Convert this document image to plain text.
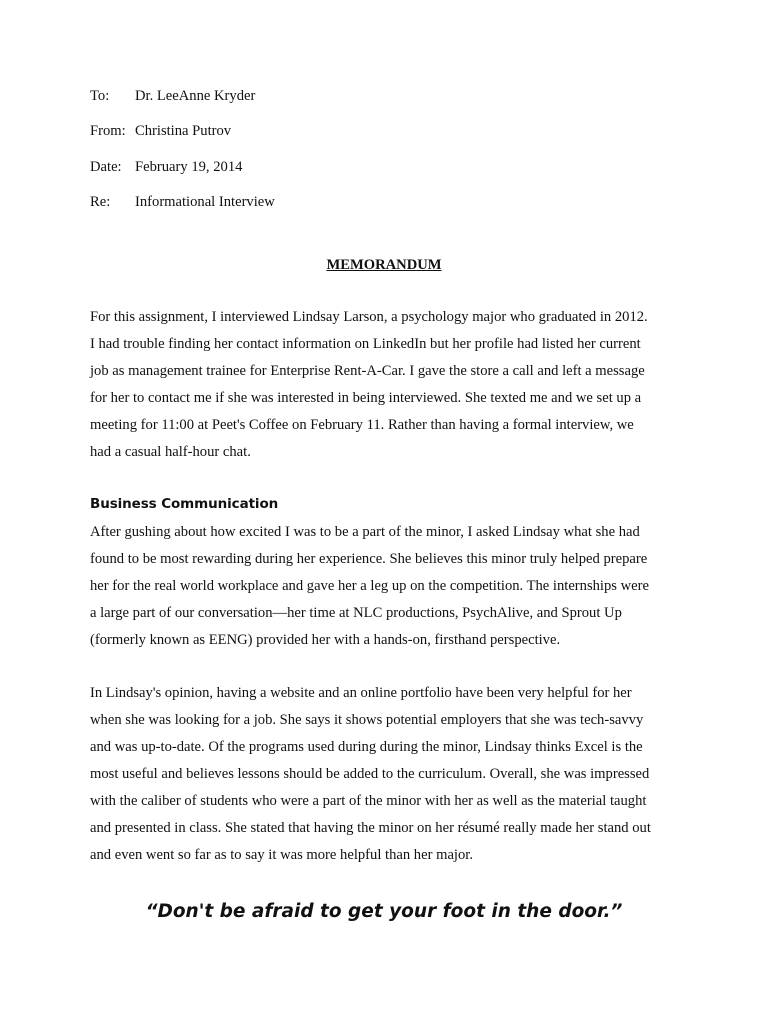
To: Dr. LeeAnne Kryder
From: Christina Putrov
Date: February 19, 2014
Re: Informational Interview
MEMORANDUM

For this assignment, I interviewed Lindsay Larson, a psychology major who graduated in 2012.
I had trouble finding her contact information on LinkedIn but her profile had listed her current
job as management trainee for Enterprise Rent-A-Car. I gave the store a call and left a message
for her to contact me if she was interested in being interviewed. She texted me and we set up a
meeting for 11:00 at Peet's Coffee on February 11. Rather than having a formal interview, we
had a casual half-hour chat.

Business Communication

After gushing about how excited I was to be a part of the minor, I asked Lindsay what she had
found to be most rewarding during her experience. She believes this minor truly helped prepare
her for the real world workplace and gave her a leg up on the competition. The internships were
a large part of our conversation—her time at NLC productions, PsychAlive, and Sprout Up
(formerly known as EENG) provided her with a hands-on, firsthand perspective.

In Lindsay's opinion, having a website and an online portfolio have been very helpful for her
when she was looking for a job. She says it shows potential employers that she was tech-savvy
and was up-to-date. Of the programs used during during the minor, Lindsay thinks Excel is the
most useful and believes lessons should be added to the curriculum. Overall, she was impressed
with the caliber of students who were a part of the minor with her as well as the material taught
and presented in class. She stated that having the minor on her résumé really made her stand out
and even went so far as to say it was more helpful than her major.

“Don't be afraid to get your foot in the door.”
